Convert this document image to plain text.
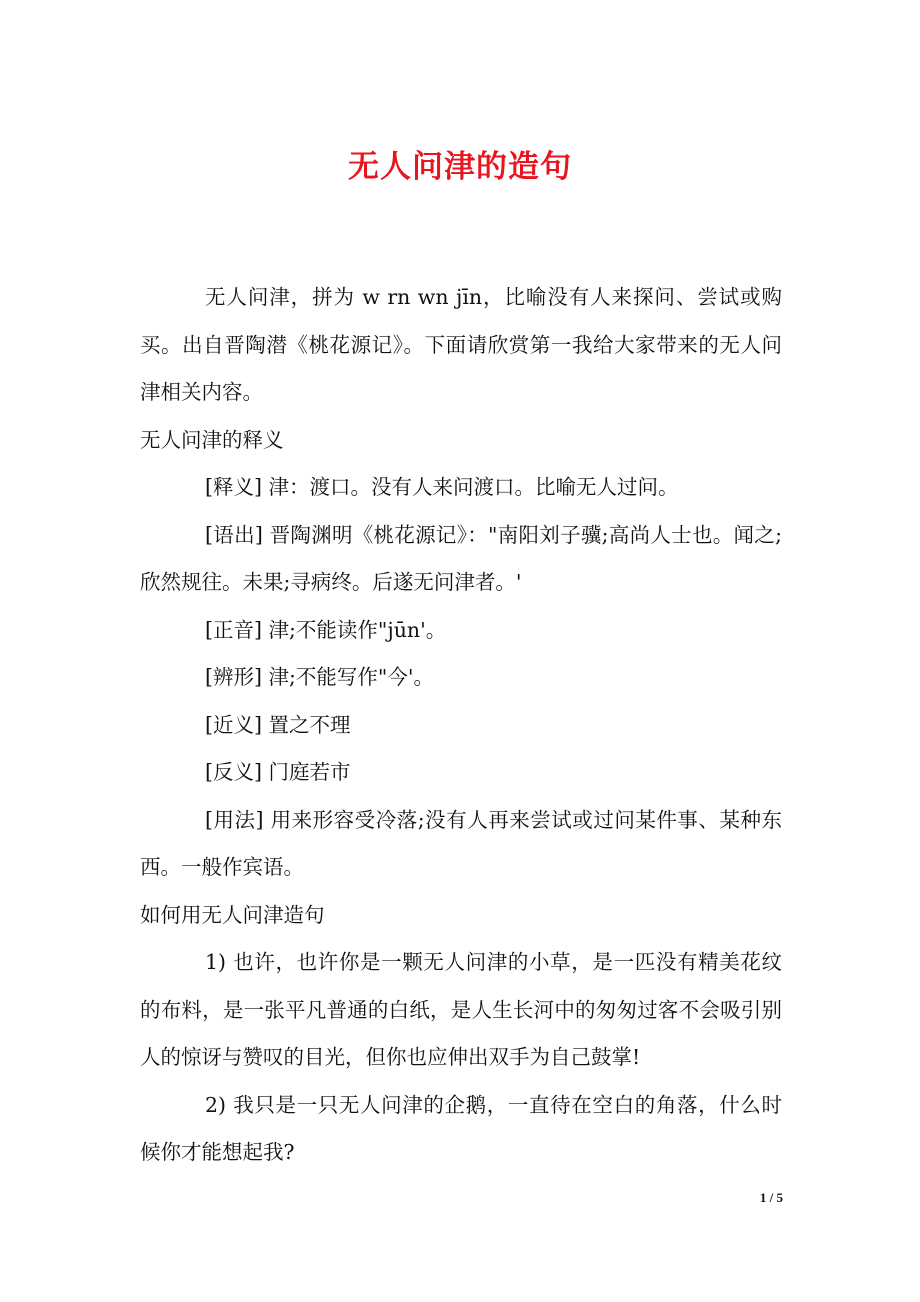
无人问津的造句

无人问津，拼为 w rn wn jīn，比喻没有人来探问、尝试或购买。出自晋陶潜《桃花源记》。下面请欣赏第一我给大家带来的无人问津相关内容。

无人问津的释义

[释义] 津：渡口。没有人来问渡口。比喻无人过问。

[语出] 晋陶渊明《桃花源记》："南阳刘子骥;高尚人士也。闻之;欣然规往。未果;寻病终。后遂无问津者。'

[正音] 津;不能读作"jūn'。

[辨形] 津;不能写作"今'。

[近义] 置之不理

[反义] 门庭若市

[用法] 用来形容受冷落;没有人再来尝试或过问某件事、某种东西。一般作宾语。

如何用无人问津造句

1) 也许，也许你是一颗无人问津的小草，是一匹没有精美花纹的布料，是一张平凡普通的白纸，是人生长河中的匆匆过客不会吸引别人的惊讶与赞叹的目光，但你也应伸出双手为自己鼓掌!

2) 我只是一只无人问津的企鹅，一直待在空白的角落，什么时候你才能想起我?

1 / 5
